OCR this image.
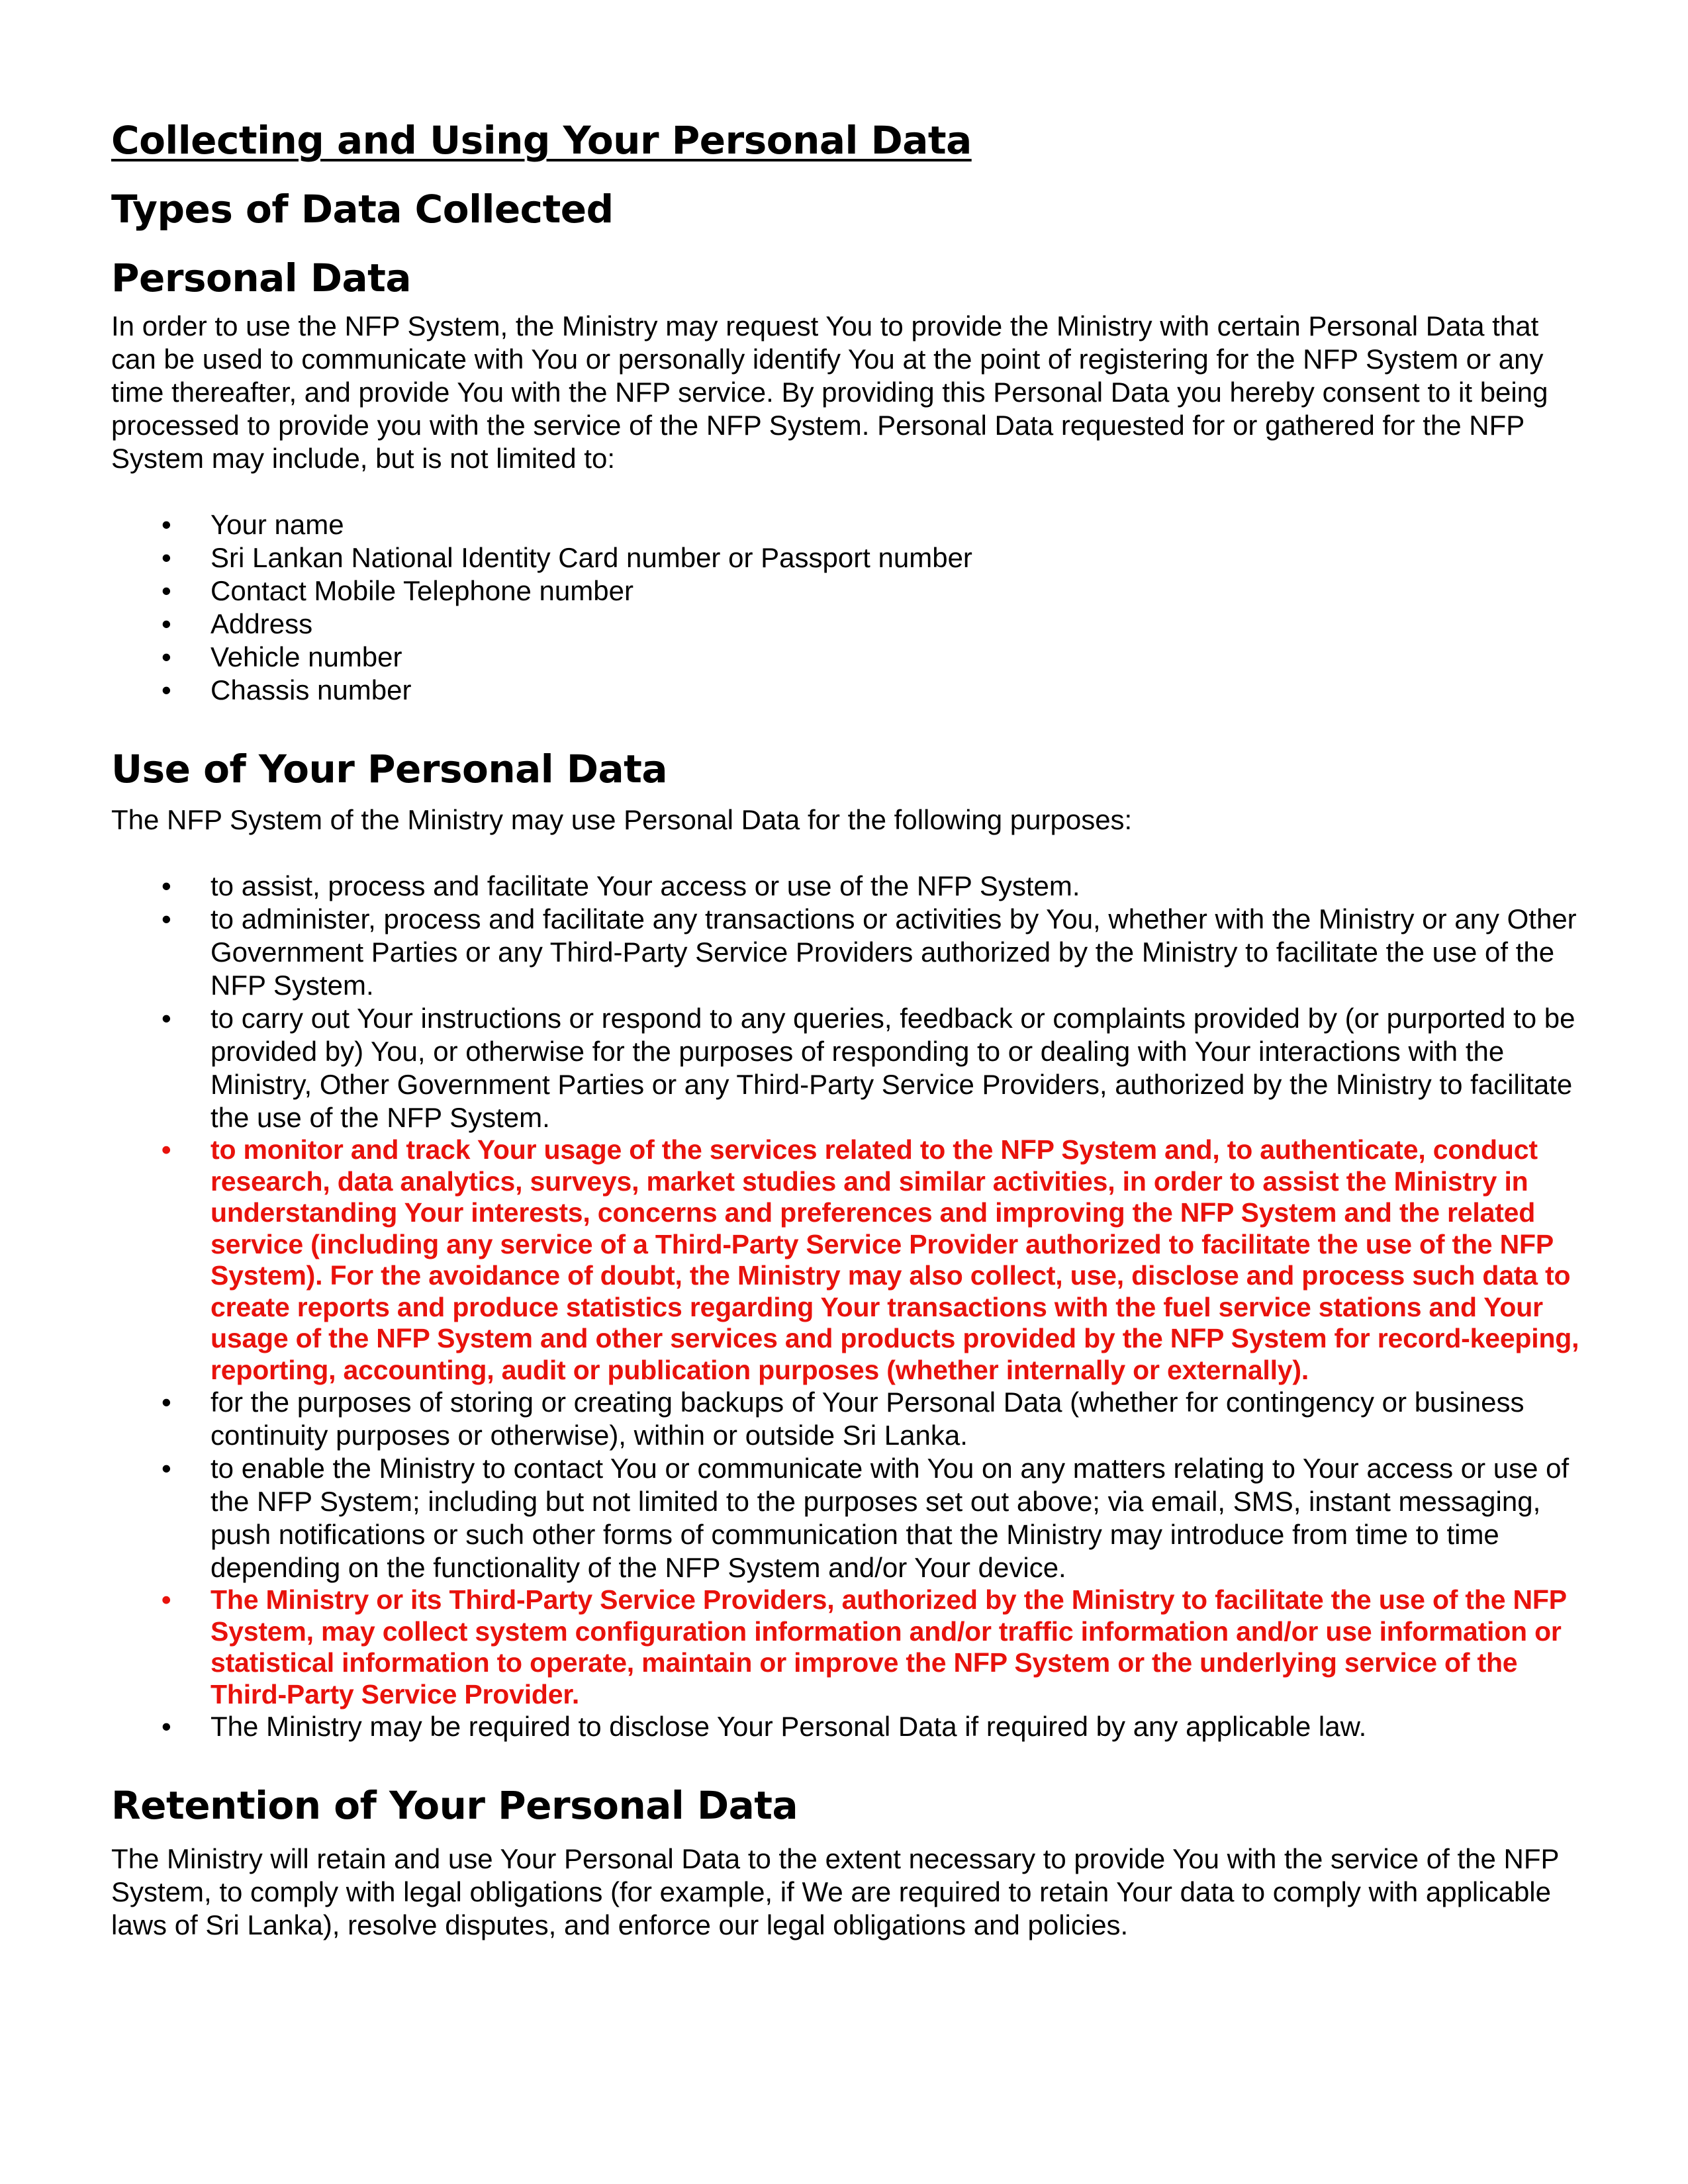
Collecting and Using Your Personal Data
Types of Data Collected
Personal Data

In order to use the NFP System, the Ministry may request You to provide the Ministry with certain Personal Data that can be used to communicate with You or personally identify You at the point of registering for the NFP System or any time thereafter, and provide You with the NFP service. By providing this Personal Data you hereby consent to it being processed to provide you with the service of the NFP System. Personal Data requested for or gathered for the NFP System may include, but is not limited to:

• Your name
• Sri Lankan National Identity Card number or Passport number
• Contact Mobile Telephone number
• Address
• Vehicle number
• Chassis number
Use of Your Personal Data

The NFP System of the Ministry may use Personal Data for the following purposes:

• to assist, process and facilitate Your access or use of the NFP System.
• to administer, process and facilitate any transactions or activities by You, whether with the Ministry or any Other Government Parties or any Third-Party Service Providers authorized by the Ministry to facilitate the use of the NFP System.
• to carry out Your instructions or respond to any queries, feedback or complaints provided by (or purported to be provided by) You, or otherwise for the purposes of responding to or dealing with Your interactions with the Ministry, Other Government Parties or any Third-Party Service Providers, authorized by the Ministry to facilitate the use of the NFP System.
• to monitor and track Your usage of the services related to the NFP System and, to authenticate, conduct research, data analytics, surveys, market studies and similar activities, in order to assist the Ministry in understanding Your interests, concerns and preferences and improving the NFP System and the related service (including any service of a Third-Party Service Provider authorized to facilitate the use of the NFP System). For the avoidance of doubt, the Ministry may also collect, use, disclose and process such data to create reports and produce statistics regarding Your transactions with the fuel service stations and Your usage of the NFP System and other services and products provided by the NFP System for record-keeping, reporting, accounting, audit or publication purposes (whether internally or externally).
• for the purposes of storing or creating backups of Your Personal Data (whether for contingency or business continuity purposes or otherwise), within or outside Sri Lanka.
• to enable the Ministry to contact You or communicate with You on any matters relating to Your access or use of the NFP System; including but not limited to the purposes set out above; via email, SMS, instant messaging, push notifications or such other forms of communication that the Ministry may introduce from time to time depending on the functionality of the NFP System and/or Your device.
• The Ministry or its Third-Party Service Providers, authorized by the Ministry to facilitate the use of the NFP System, may collect system configuration information and/or traffic information and/or use information or statistical information to operate, maintain or improve the NFP System or the underlying service of the Third-Party Service Provider.
• The Ministry may be required to disclose Your Personal Data if required by any applicable law.
Retention of Your Personal Data

The Ministry will retain and use Your Personal Data to the extent necessary to provide You with the service of the NFP System, to comply with legal obligations (for example, if We are required to retain Your data to comply with applicable laws of Sri Lanka), resolve disputes, and enforce our legal obligations and policies.
